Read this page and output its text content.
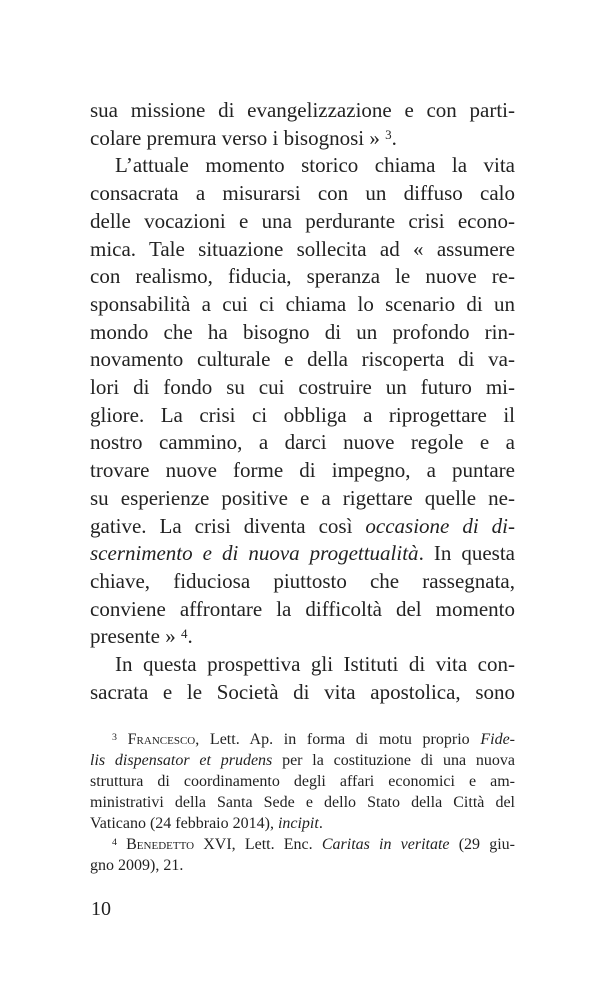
sua missione di evangelizzazione e con parti-
colare premura verso i bisognosi » $^3$.
L’attuale momento storico chiama la vita
consacrata a misurarsi con un diffuso calo
delle vocazioni e una perdurante crisi econo-
mica. Tale situazione sollecita ad « assumere
con realismo, fiducia, speranza le nuove re-
sponsabilità a cui ci chiama lo scenario di un
mondo che ha bisogno di un profondo rin-
novamento culturale e della riscoperta di va-
lori di fondo su cui costruire un futuro mi-
gliore. La crisi ci obbliga a riprogettare il
nostro cammino, a darci nuove regole e a
trovare nuove forme di impegno, a puntare
su esperienze positive e a rigettare quelle ne-
gative. La crisi diventa così occasione di di-
scernimento e di nuova progettualità. In questa
chiave, fiduciosa piuttosto che rassegnata,
conviene affrontare la difficoltà del momento
presente » $^4$.
In questa prospettiva gli Istituti di vita con-
sacrata e le Società di vita apostolica, sono
$^3$ Francesco, Lett. Ap. in forma di motu proprio Fide-
lis dispensator et prudens per la costituzione di una nuova
struttura di coordinamento degli affari economici e am-
ministrativi della Santa Sede e dello Stato della Città del
Vaticano (24 febbraio 2014), incipit.
$^4$ Benedetto XVI, Lett. Enc. Caritas in veritate (29 giu-
gno 2009), 21.
10
